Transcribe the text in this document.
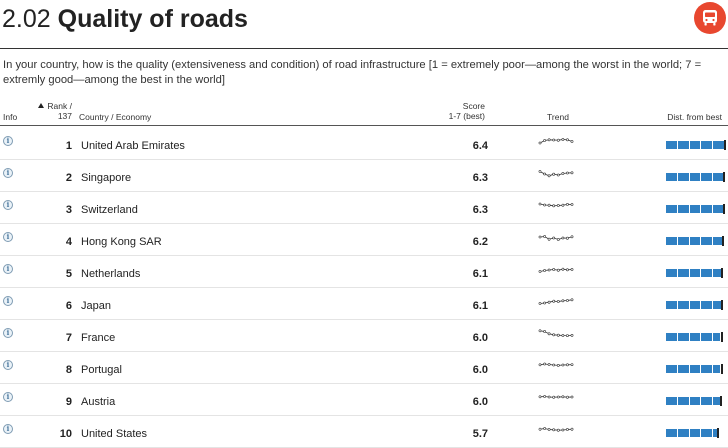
2.02 Quality of roads
In your country, how is the quality (extensiveness and condition) of road infrastructure [1 = extremely poor—among the worst in the world; 7 = extremly good—among the best in the world]
Info
Rank /
137 Country / Economy
Score
1-7 (best)	Trend	Dist. from best
i	1 United Arab Emirates	6.4
i	2 Singapore	6.3
i	3 Switzerland	6.3
i	4 Hong Kong SAR	6.2
i	5 Netherlands	6.1
i	6 Japan	6.1
i	7 France	6.0
i	8 Portugal	6.0
i	9 Austria	6.0
i	10 United States	5.7
